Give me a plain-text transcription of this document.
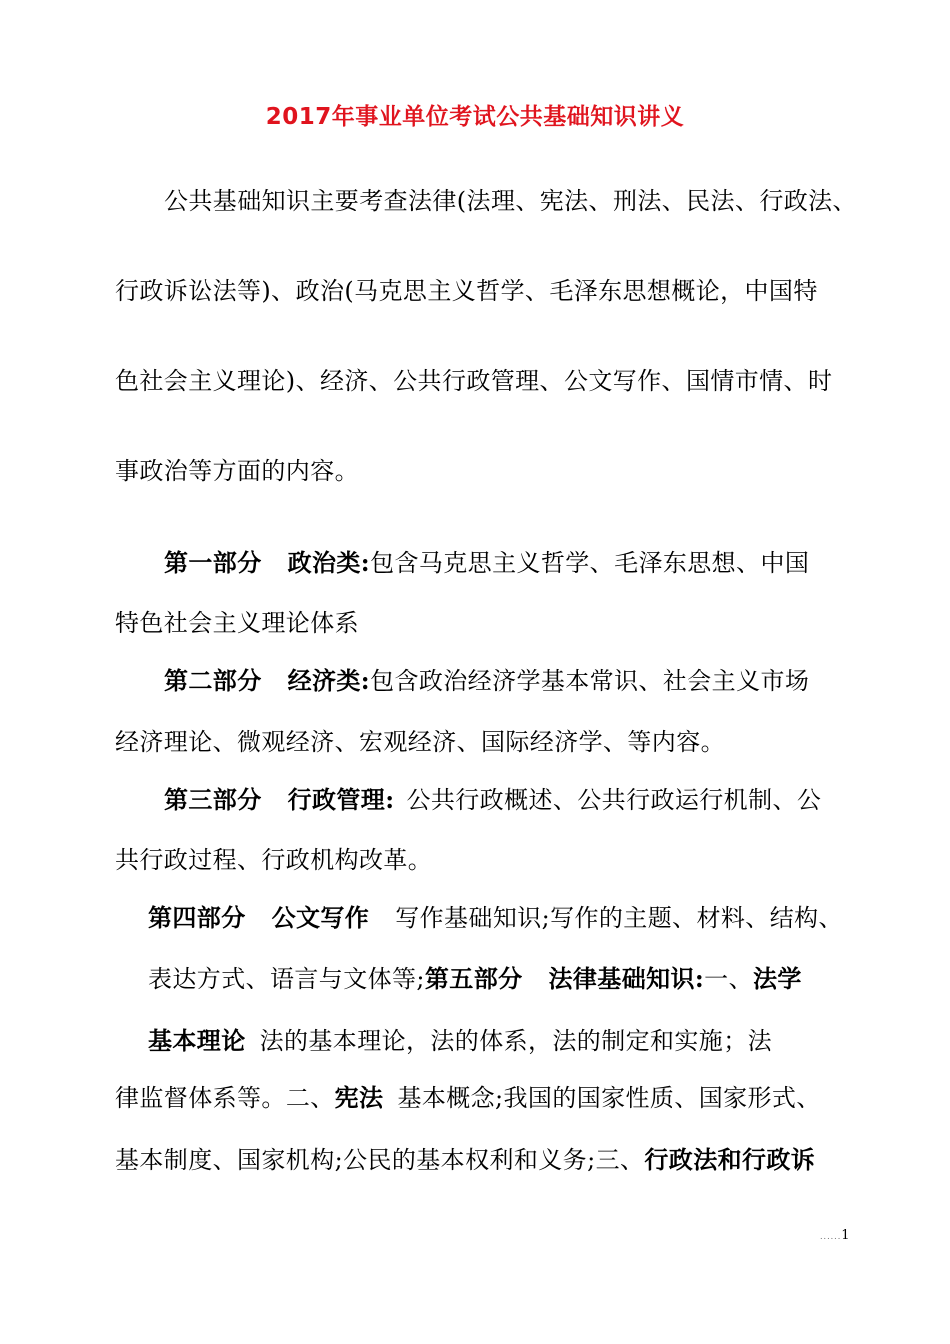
2017年事业单位考试公共基础知识讲义
公共基础知识主要考查法律(法理、宪法、刑法、民法、行政法、
行政诉讼法等)、政治(马克思主义哲学、毛泽东思想概论，中国特
色社会主义理论)、经济、公共行政管理、公文写作、国情市情、时
事政治等方面的内容。
第一部分 政治类:包含马克思主义哲学、毛泽东思想、中国
特色社会主义理论体系
第二部分 经济类:包含政治经济学基本常识、社会主义市场
经济理论、微观经济、宏观经济、国际经济学、等内容。
第三部分 行政管理: 公共行政概述、公共行政运行机制、公
共行政过程、行政机构改革。
第四部分 公文写作 写作基础知识;写作的主题、材料、结构、
表达方式、语言与文体等;第五部分 法律基础知识:一、法学
基本理论 法的基本理论，法的体系，法的制定和实施；法
律监督体系等。二、宪法 基本概念;我国的国家性质、国家形式、
基本制度、国家机构;公民的基本权利和义务;三、行政法和行政诉
......1
